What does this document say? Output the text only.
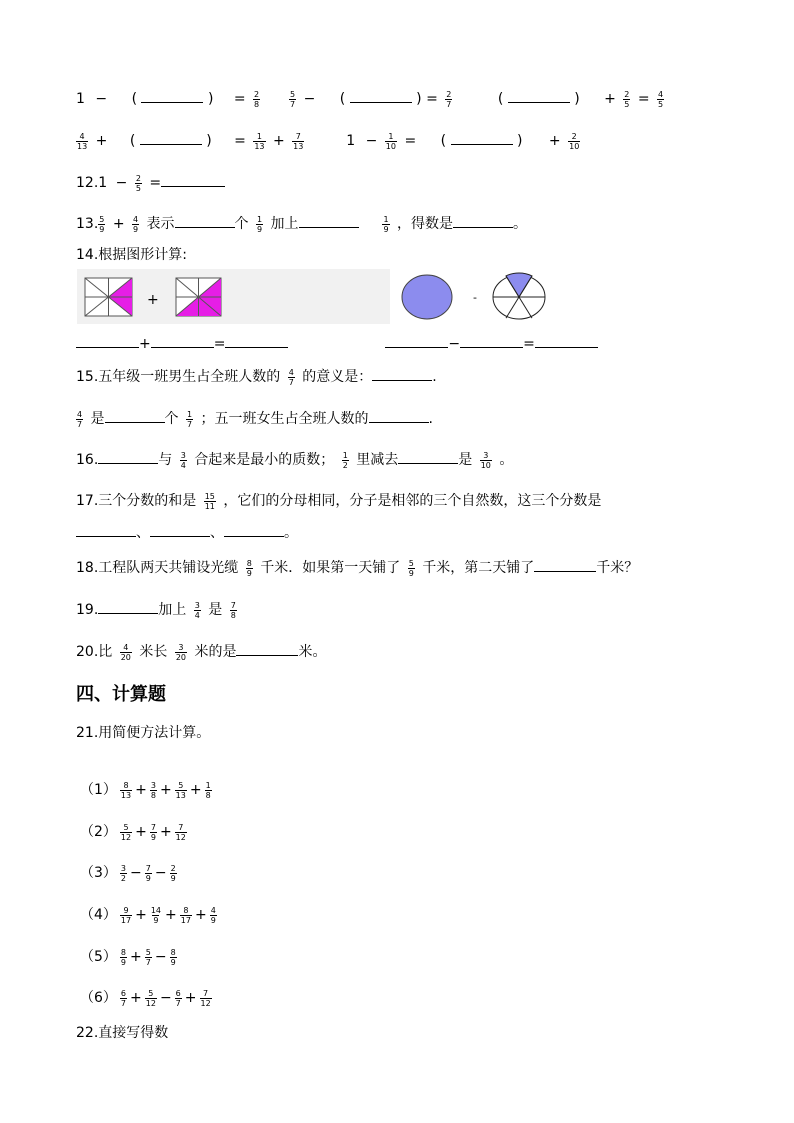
1 − (	) = $\frac{2}{8}$
	$\frac{5}{7}$ − (	) = $\frac{2}{7}$	(	) + $\frac{2}{5} = \frac{4}{5}$
$\frac{4}{13}$ + (	) = $\frac{1}{13} + \frac{7}{13}$	$1 - \frac{1}{10}$ = (	) + $\frac{2}{10}$
$12.1 - \frac{2}{5}$ =
13. $\frac{5}{9} + \frac{4}{9}$ 表示	个 $\frac{1}{9}$ 加上	$\frac{1}{9}$ ，得数是	。
14.根据图形计算:
+	-
+	=	−	=
15.五年级一班男生占全班人数的 $\frac{4}{7}$ 的意义是：	.
$\frac{4}{7}$ 是	个 $\frac{1}{7}$ ；五一班女生占全班人数的	.
16.	与 $\frac{3}{4}$ 合起来是最小的质数； $\frac{1}{2}$ 里减去	是 $\frac{3}{10}$ 。
17.三个分数的和是 $\frac{15}{11}$ ，它们的分母相同，分子是相邻的三个自然数，这三个分数是
、	、	。
18.工程队两天共铺设光缆 $\frac{8}{9}$ 千米．如果第一天铺了 $\frac{5}{9}$ 千米，第二天铺了	千米？
19.	加上 $\frac{3}{4}$ 是 $\frac{7}{8}$
20.比 $\frac{4}{20}$ 米长 $\frac{3}{20}$ 米的是	米。
四、计算题
21.用简便方法计算。
$(1) \frac{8}{13} + \frac{3}{8} + \frac{5}{13} + \frac{1}{8}$
$(2) \frac{5}{12} + \frac{7}{9} + \frac{7}{12}$
$(3) \frac{3}{2} - \frac{7}{9} - \frac{2}{9}$
$(4) \frac{9}{17} + \frac{14}{9} + \frac{8}{17} + \frac{4}{9}$
$(5) \frac{8}{9} + \frac{5}{7} - \frac{8}{9}$
$(6) \frac{6}{7} + \frac{5}{12} - \frac{6}{7} + \frac{7}{12}$
22.直接写得数
